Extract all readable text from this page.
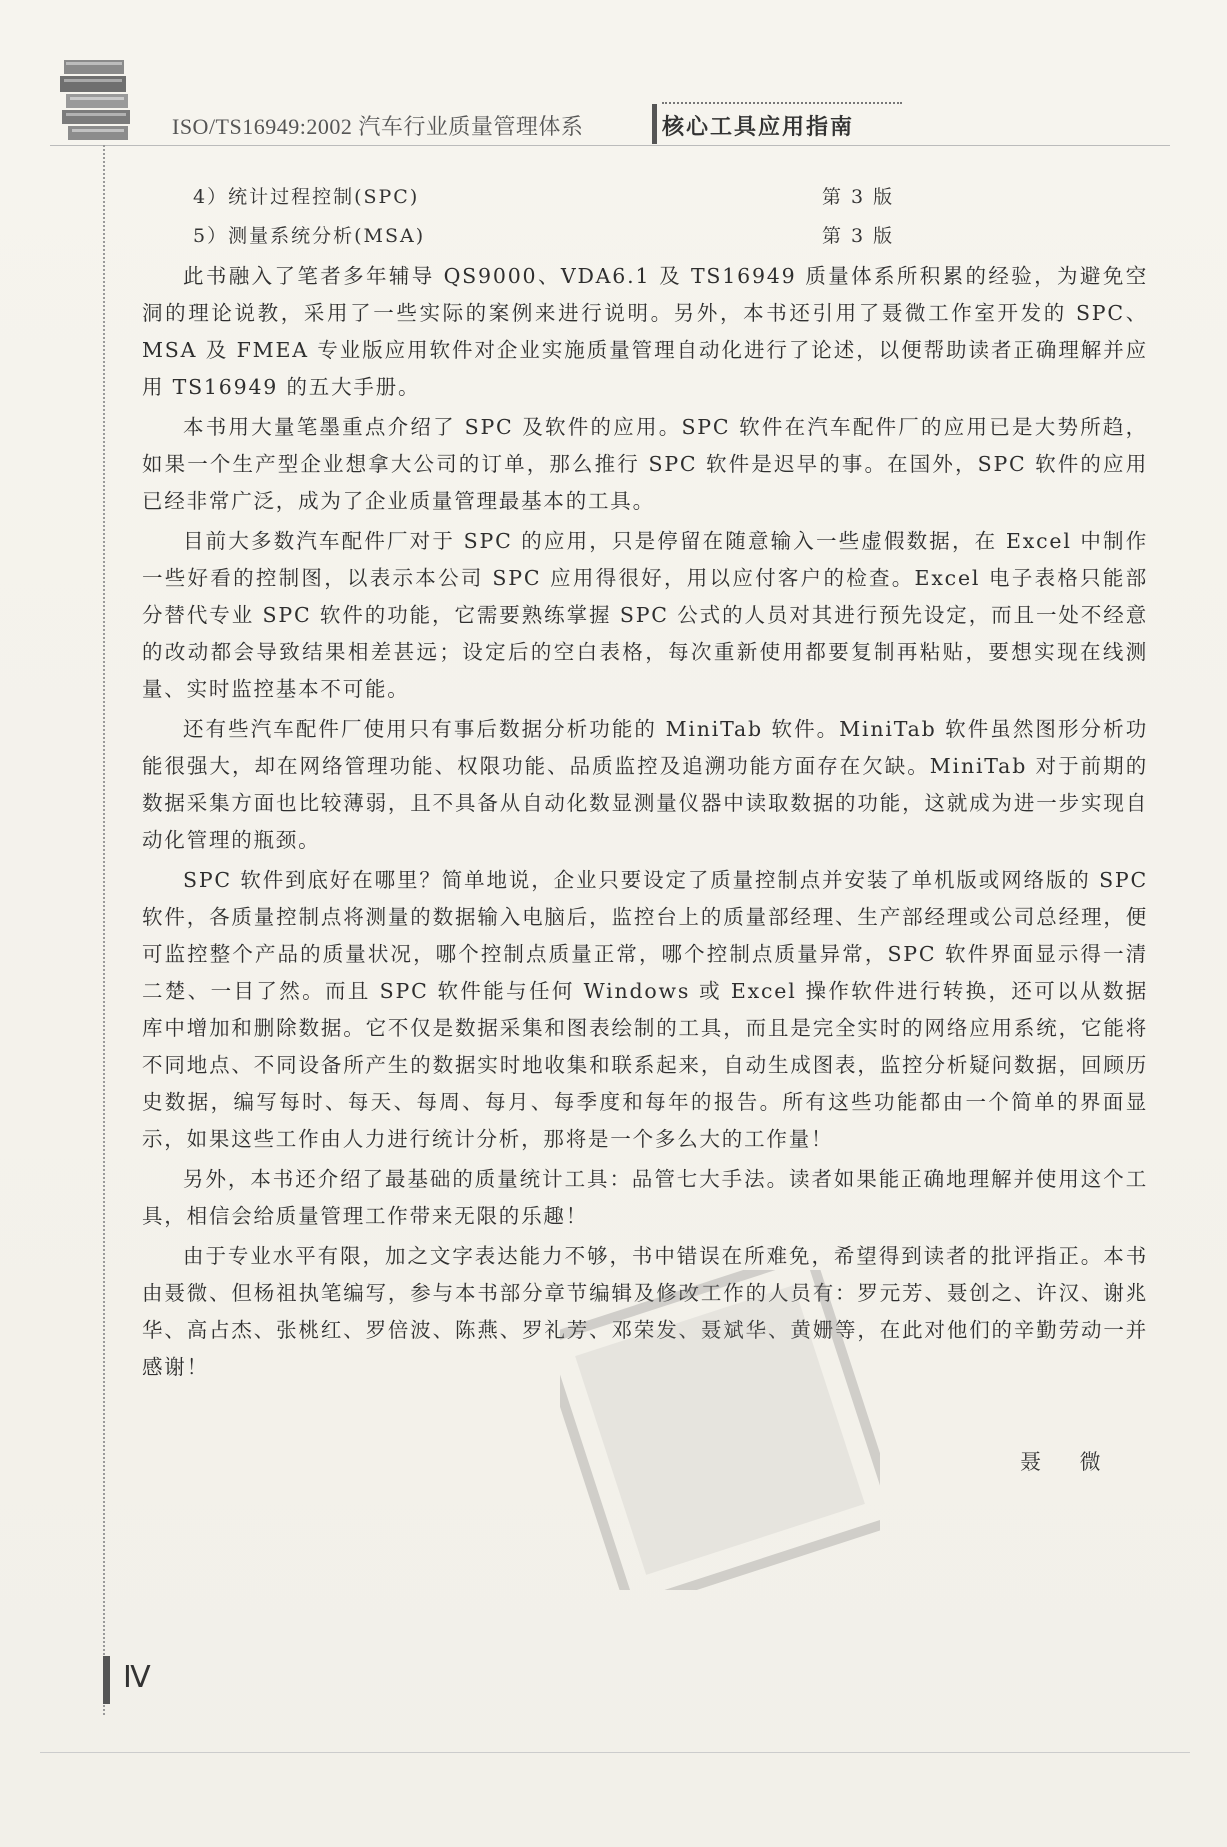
ISO/TS16949:2002 汽车行业质量管理体系	核心工具应用指南
4）统计过程控制(SPC)	第 3 版
5）测量系统分析(MSA)	第 3 版

此书融入了笔者多年辅导 QS9000、VDA6.1 及 TS16949 质量体系所积累的经验，为避免空洞的理论说教，采用了一些实际的案例来进行说明。另外，本书还引用了聂微工作室开发的 SPC、MSA 及 FMEA 专业版应用软件对企业实施质量管理自动化进行了论述，以便帮助读者正确理解并应用 TS16949 的五大手册。

本书用大量笔墨重点介绍了 SPC 及软件的应用。SPC 软件在汽车配件厂的应用已是大势所趋，如果一个生产型企业想拿大公司的订单，那么推行 SPC 软件是迟早的事。在国外，SPC 软件的应用已经非常广泛，成为了企业质量管理最基本的工具。

目前大多数汽车配件厂对于 SPC 的应用，只是停留在随意输入一些虚假数据，在 Excel 中制作一些好看的控制图，以表示本公司 SPC 应用得很好，用以应付客户的检查。Excel 电子表格只能部分替代专业 SPC 软件的功能，它需要熟练掌握 SPC 公式的人员对其进行预先设定，而且一处不经意的改动都会导致结果相差甚远；设定后的空白表格，每次重新使用都要复制再粘贴，要想实现在线测量、实时监控基本不可能。

还有些汽车配件厂使用只有事后数据分析功能的 MiniTab 软件。MiniTab 软件虽然图形分析功能很强大，却在网络管理功能、权限功能、品质监控及追溯功能方面存在欠缺。MiniTab 对于前期的数据采集方面也比较薄弱，且不具备从自动化数显测量仪器中读取数据的功能，这就成为进一步实现自动化管理的瓶颈。

SPC 软件到底好在哪里？简单地说，企业只要设定了质量控制点并安装了单机版或网络版的 SPC 软件，各质量控制点将测量的数据输入电脑后，监控台上的质量部经理、生产部经理或公司总经理，便可监控整个产品的质量状况，哪个控制点质量正常，哪个控制点质量异常，SPC 软件界面显示得一清二楚、一目了然。而且 SPC 软件能与任何 Windows 或 Excel 操作软件进行转换，还可以从数据库中增加和删除数据。它不仅是数据采集和图表绘制的工具，而且是完全实时的网络应用系统，它能将不同地点、不同设备所产生的数据实时地收集和联系起来，自动生成图表，监控分析疑问数据，回顾历史数据，编写每时、每天、每周、每月、每季度和每年的报告。所有这些功能都由一个简单的界面显示，如果这些工作由人力进行统计分析，那将是一个多么大的工作量！

另外，本书还介绍了最基础的质量统计工具：品管七大手法。读者如果能正确地理解并使用这个工具，相信会给质量管理工作带来无限的乐趣！

由于专业水平有限，加之文字表达能力不够，书中错误在所难免，希望得到读者的批评指正。本书由聂微、但杨祖执笔编写，参与本书部分章节编辑及修改工作的人员有：罗元芳、聂创之、许汉、谢兆华、高占杰、张桃红、罗倍波、陈燕、罗礼芳、邓荣发、聂斌华、黄姗等，在此对他们的辛勤劳动一并感谢！

聂 微
Ⅳ
